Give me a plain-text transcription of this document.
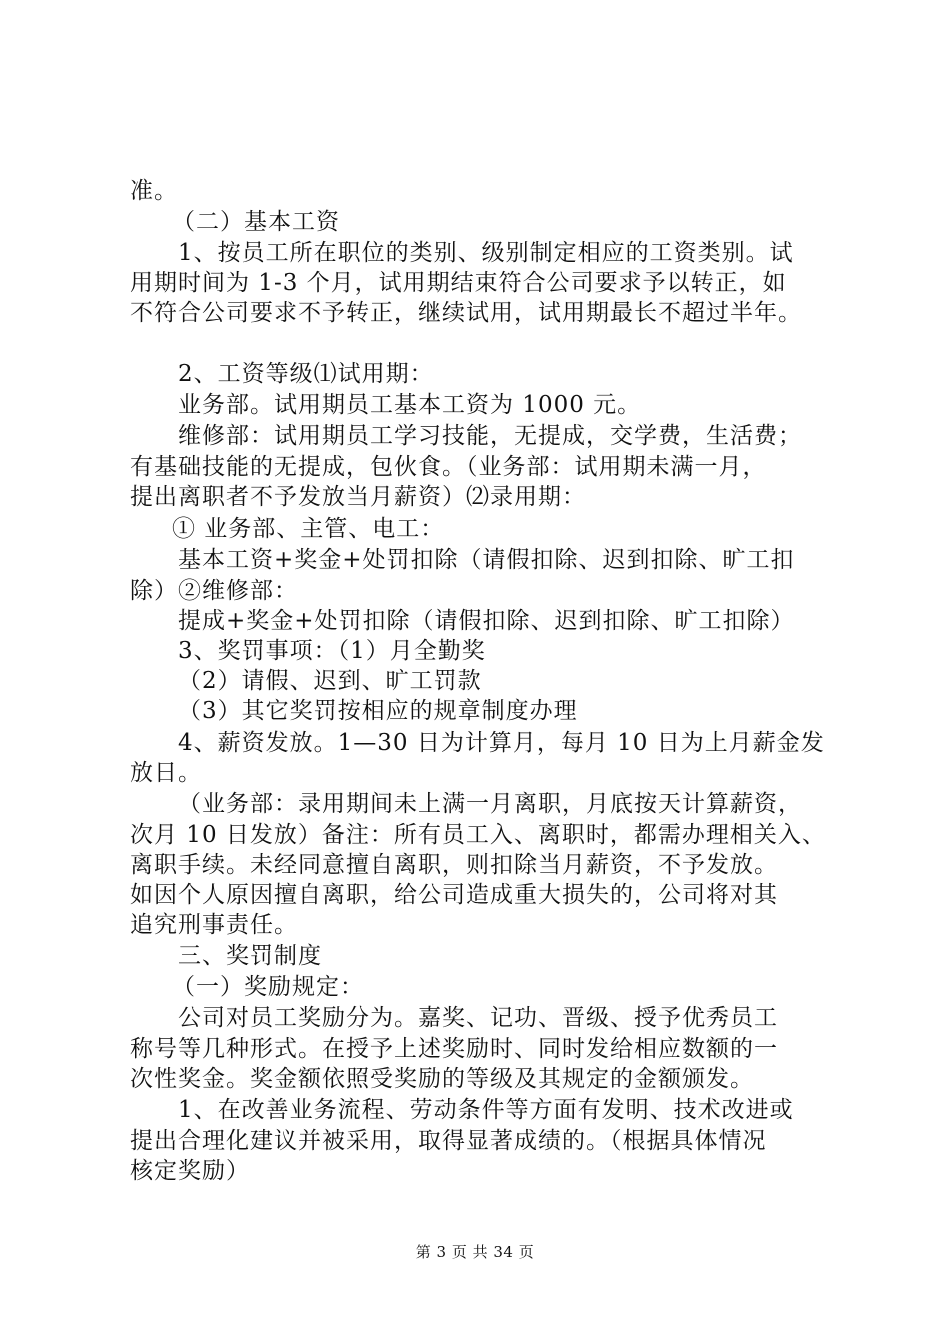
准。
（二）基本工资
1、按员工所在职位的类别、级别制定相应的工资类别。试
用期时间为 1-3 个月，试用期结束符合公司要求予以转正，如
不符合公司要求不予转正，继续试用，试用期最长不超过半年。
2、工资等级⑴试用期：
业务部。试用期员工基本工资为 1000 元。
维修部：试用期员工学习技能，无提成，交学费，生活费；
有基础技能的无提成，包伙食。（业务部：试用期未满一月，
提出离职者不予发放当月薪资）⑵录用期：
① 业务部、主管、电工：
基本工资+奖金+处罚扣除（请假扣除、迟到扣除、旷工扣
除）②维修部：
提成+奖金+处罚扣除（请假扣除、迟到扣除、旷工扣除）
3、奖罚事项：（1）月全勤奖
（2）请假、迟到、旷工罚款
（3）其它奖罚按相应的规章制度办理
4、薪资发放。1—30 日为计算月，每月 10 日为上月薪金发
放日。
（业务部：录用期间未上满一月离职，月底按天计算薪资，
次月 10 日发放）备注：所有员工入、离职时，都需办理相关入、
离职手续。未经同意擅自离职，则扣除当月薪资，不予发放。
如因个人原因擅自离职，给公司造成重大损失的，公司将对其
追究刑事责任。
三、奖罚制度
（一）奖励规定：
公司对员工奖励分为。嘉奖、记功、晋级、授予优秀员工
称号等几种形式。在授予上述奖励时、同时发给相应数额的一
次性奖金。奖金额依照受奖励的等级及其规定的金额颁发。
1、在改善业务流程、劳动条件等方面有发明、技术改进或
提出合理化建议并被采用，取得显著成绩的。（根据具体情况
核定奖励）
第 3 页 共 34 页
